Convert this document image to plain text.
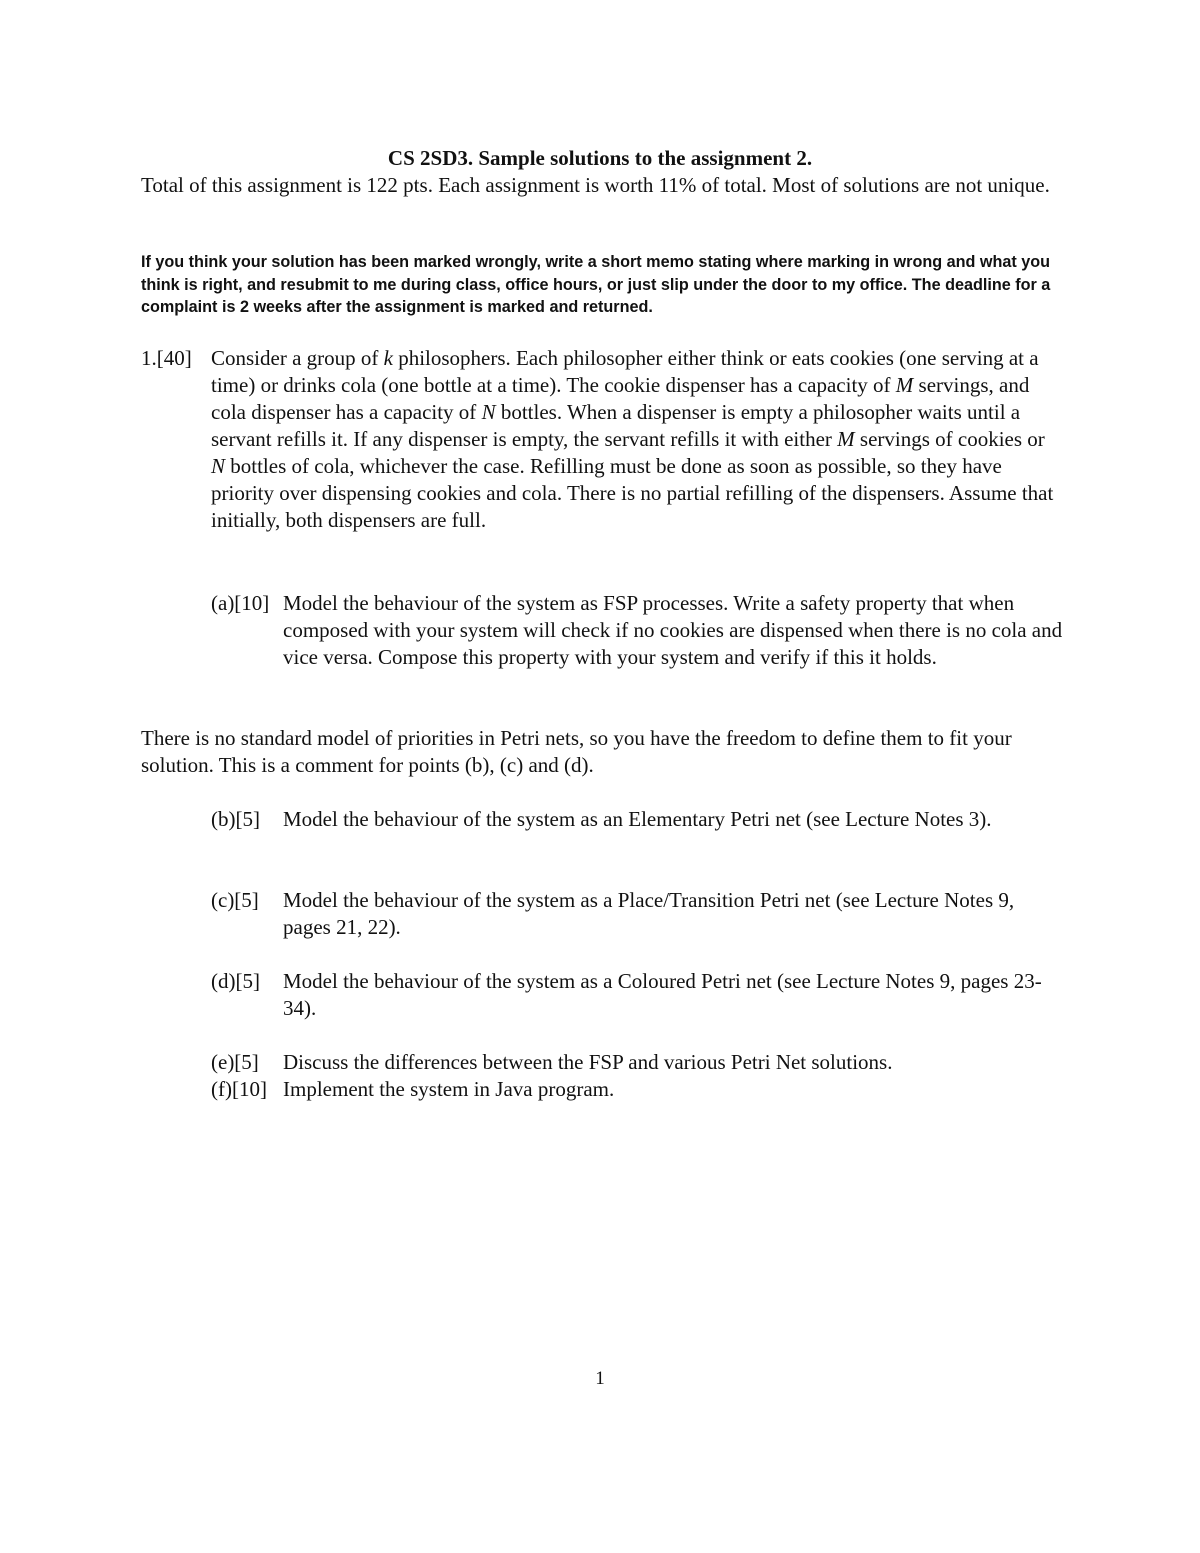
CS 2SD3. Sample solutions to the assignment 2.

Total of this assignment is 122 pts. Each assignment is worth 11% of total. Most of solutions are not unique.

If you think your solution has been marked wrongly, write a short memo stating where marking in wrong and what you think is right, and resubmit to me during class, office hours, or just slip under the door to my office. The deadline for a complaint is 2 weeks after the assignment is marked and returned.

1.[40] Consider a group of k philosophers. Each philosopher either think or eats cookies (one serving at a time) or drinks cola (one bottle at a time). The cookie dispenser has a capacity of M servings, and cola dispenser has a capacity of N bottles. When a dispenser is empty a philosopher waits until a servant refills it. If any dispenser is empty, the servant refills it with either M servings of cookies or N bottles of cola, whichever the case. Refilling must be done as soon as possible, so they have priority over dispensing cookies and cola. There is no partial refilling of the dispensers. Assume that initially, both dispensers are full.
(a)[10] Model the behaviour of the system as FSP processes. Write a safety property that when composed with your system will check if no cookies are dispensed when there is no cola and vice versa. Compose this property with your system and verify if this it holds.

There is no standard model of priorities in Petri nets, so you have the freedom to define them to fit your solution. This is a comment for points (b), (c) and (d).

(b)[5] Model the behaviour of the system as an Elementary Petri net (see Lecture Notes 3).
(c)[5] Model the behaviour of the system as a Place/Transition Petri net (see Lecture Notes 9, pages 21, 22).
(d)[5] Model the behaviour of the system as a Coloured Petri net (see Lecture Notes 9, pages 23-34).
(e)[5] Discuss the differences between the FSP and various Petri Net solutions.
(f)[10] Implement the system in Java program.
1
